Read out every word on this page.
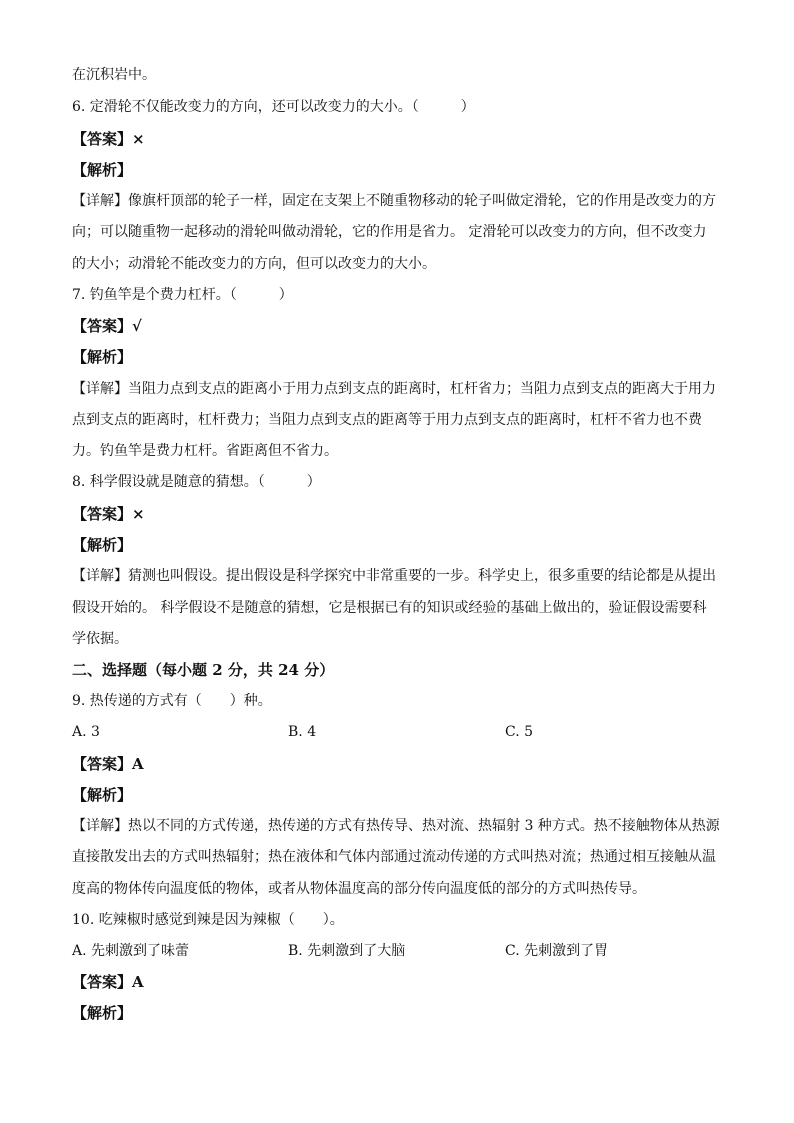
在沉积岩中。
6. 定滑轮不仅能改变力的方向，还可以改变力的大小。（　　　）
【答案】×
【解析】
【详解】像旗杆顶部的轮子一样，固定在支架上不随重物移动的轮子叫做定滑轮，它的作用是改变力的方
向；可以随重物一起移动的滑轮叫做动滑轮，它的作用是省力。 定滑轮可以改变力的方向，但不改变力
的大小；动滑轮不能改变力的方向，但可以改变力的大小。
7. 钓鱼竿是个费力杠杆。（　　　）
【答案】√
【解析】
【详解】当阻力点到支点的距离小于用力点到支点的距离时，杠杆省力；当阻力点到支点的距离大于用力
点到支点的距离时，杠杆费力；当阻力点到支点的距离等于用力点到支点的距离时，杠杆不省力也不费
力。钓鱼竿是费力杠杆。省距离但不省力。
8. 科学假设就是随意的猜想。（　　　）
【答案】×
【解析】
【详解】猜测也叫假设。提出假设是科学探究中非常重要的一步。科学史上，很多重要的结论都是从提出
假设开始的。 科学假设不是随意的猜想，它是根据已有的知识或经验的基础上做出的，验证假设需要科
学依据。
二、选择题（每小题 2 分，共 24 分）
9. 热传递的方式有（　　）种。
A. 3	B. 4	C. 5
【答案】A
【解析】
【详解】热以不同的方式传递，热传递的方式有热传导、热对流、热辐射 3 种方式。热不接触物体从热源
直接散发出去的方式叫热辐射；热在液体和气体内部通过流动传递的方式叫热对流；热通过相互接触从温
度高的物体传向温度低的物体，或者从物体温度高的部分传向温度低的部分的方式叫热传导。
10. 吃辣椒时感觉到辣是因为辣椒（　　）。
A. 先刺激到了味蕾	B. 先刺激到了大脑	C. 先刺激到了胃
【答案】A
【解析】
